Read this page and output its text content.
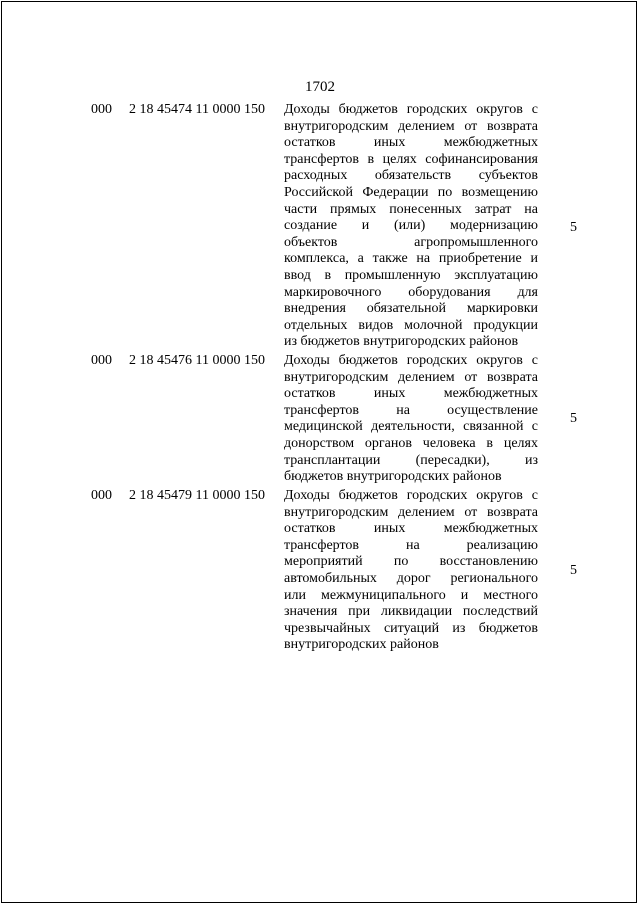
1702
000 2 18 45474 11 0000 150 Доходы бюджетов городских округов с
внутригородским делением от возврата
остатков иных межбюджетных
трансфертов в целях софинансирования
расходных обязательств субъектов
Российской Федерации по возмещению
части прямых понесенных затрат на
создание и (или) модернизацию
объектов агропромышленного
комплекса, а также на приобретение и
ввод в промышленную эксплуатацию
маркировочного оборудования для
внедрения обязательной маркировки
отдельных видов молочной продукции
из бюджетов внутригородских районов
5
000 2 18 45476 11 0000 150 Доходы бюджетов городских округов с
внутригородским делением от возврата
остатков иных межбюджетных
трансфертов на осуществление
медицинской деятельности, связанной с
донорством органов человека в целях
трансплантации (пересадки), из
бюджетов внутригородских районов
5
000 2 18 45479 11 0000 150 Доходы бюджетов городских округов с
внутригородским делением от возврата
остатков иных межбюджетных
трансфертов на реализацию
мероприятий по восстановлению
автомобильных дорог регионального
или межмуниципального и местного
значения при ликвидации последствий
чрезвычайных ситуаций из бюджетов
внутригородских районов
5
